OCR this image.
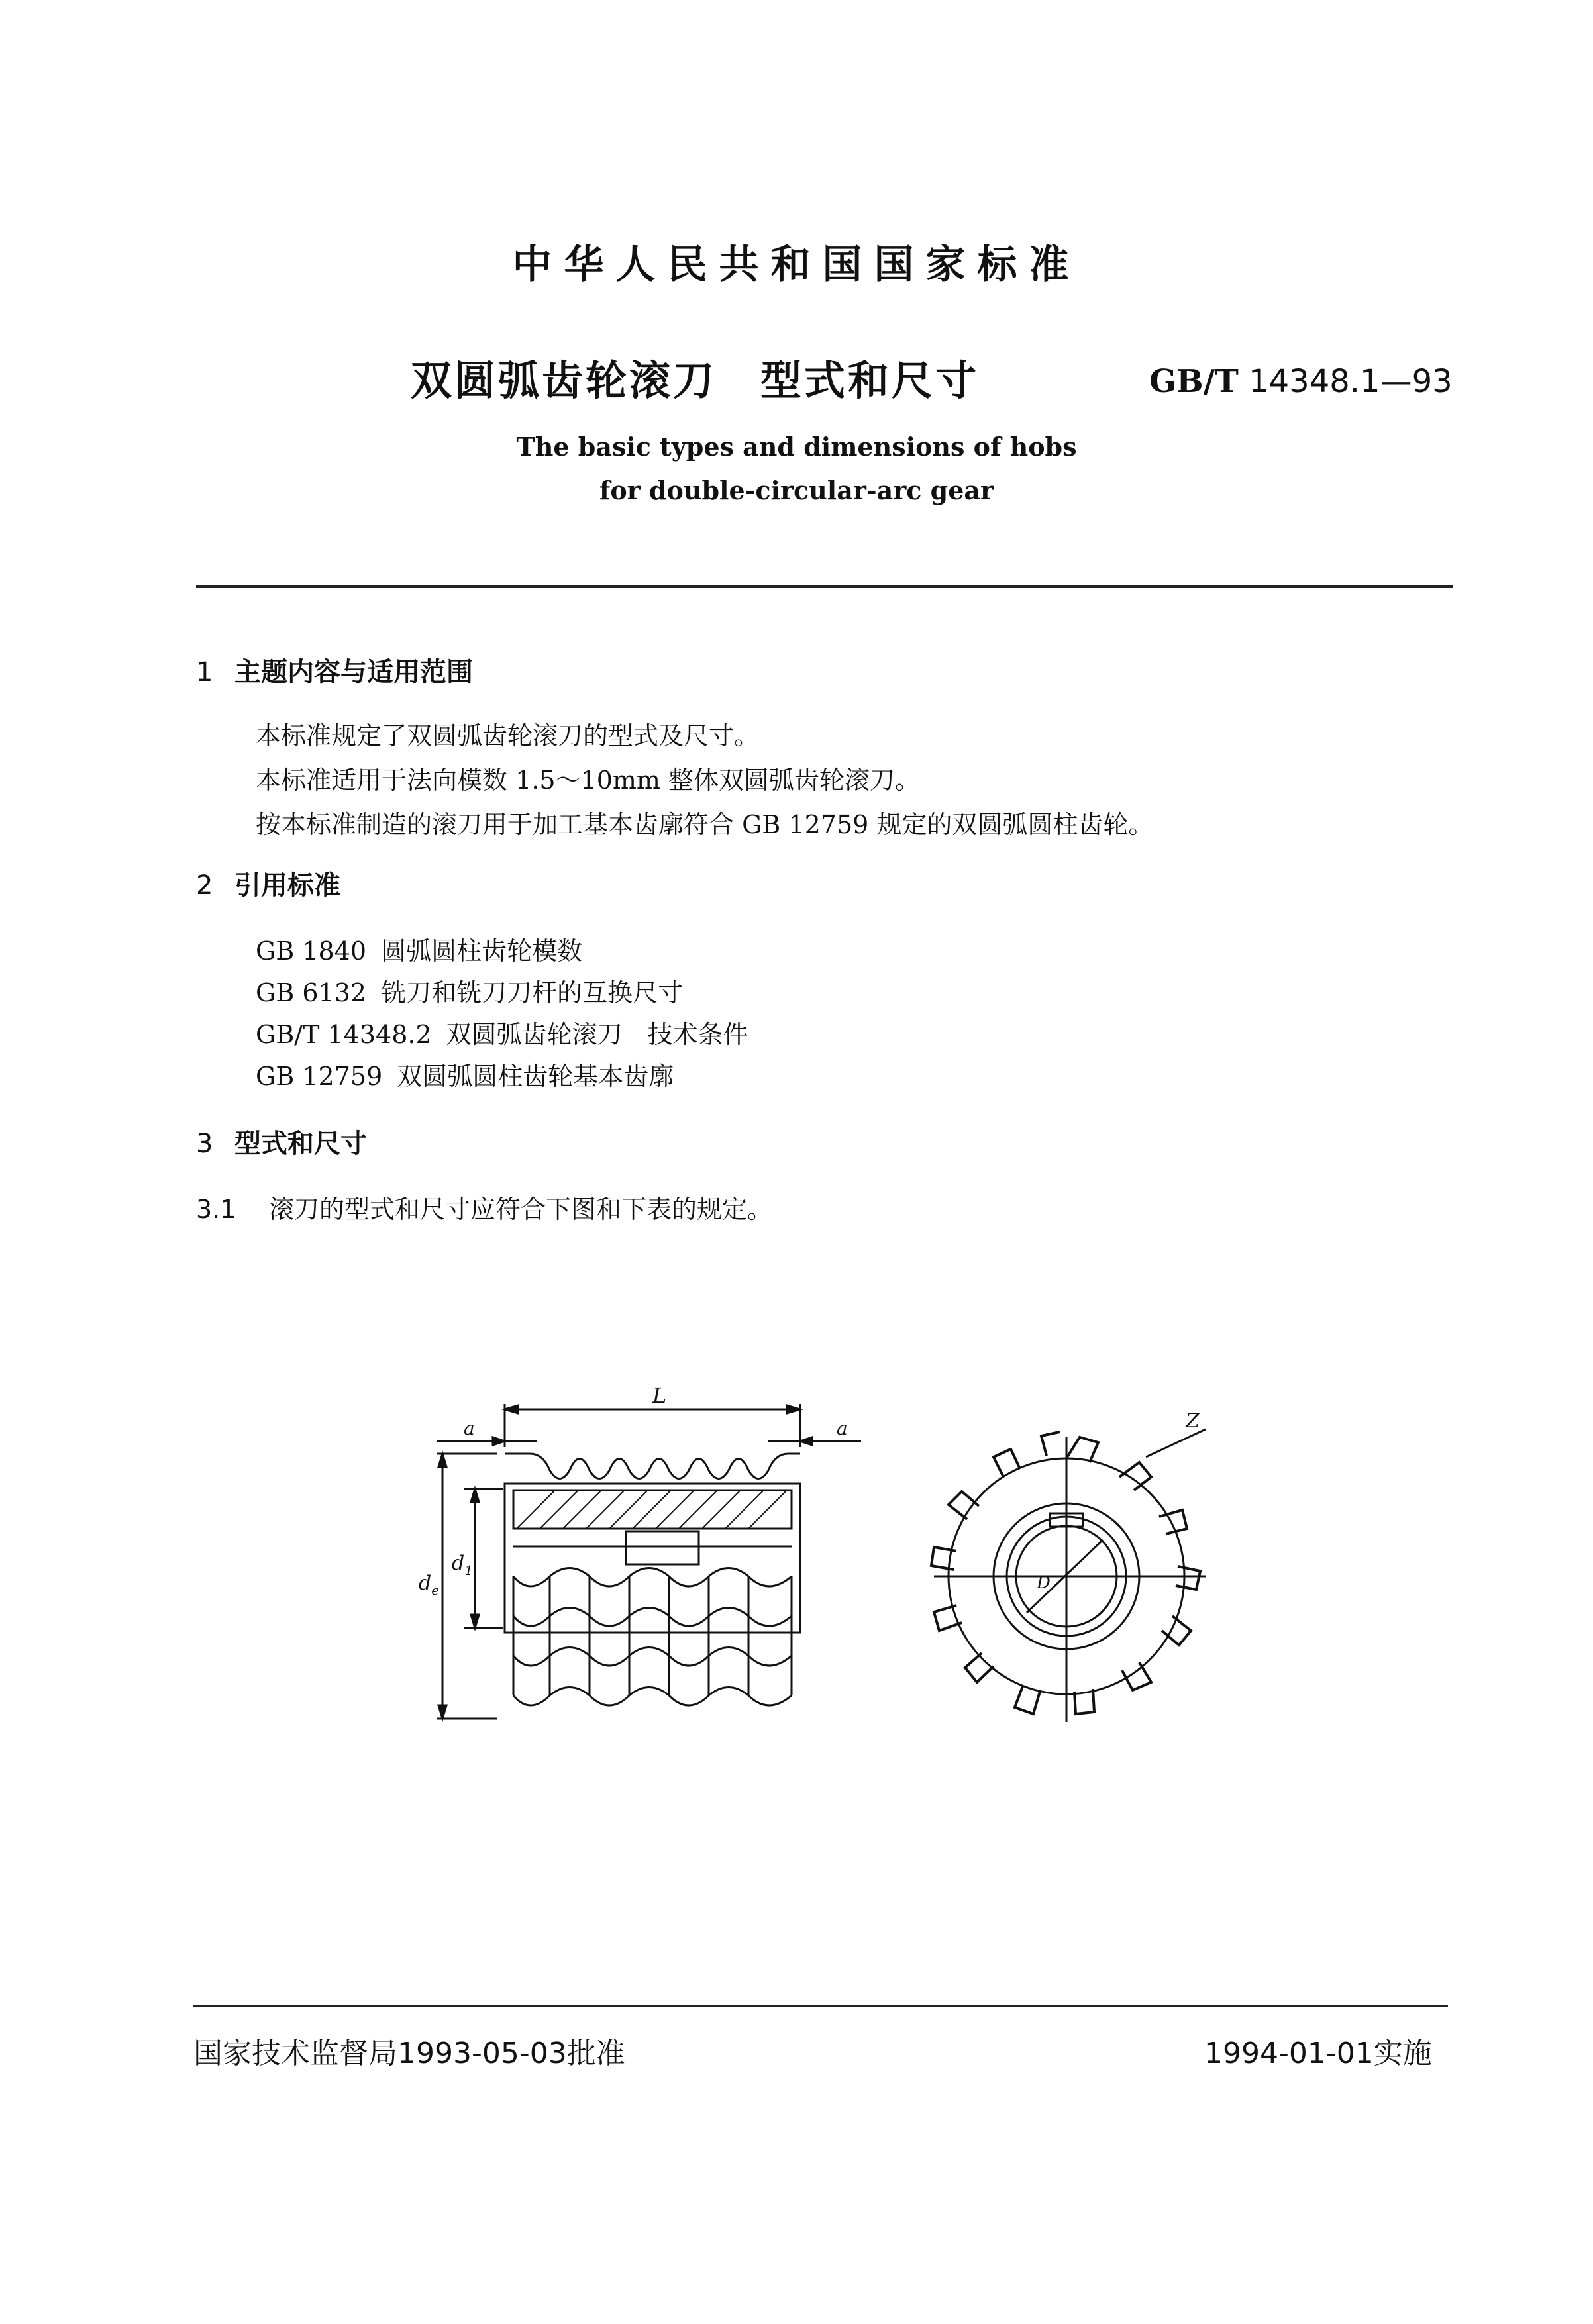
中华人民共和国国家标准
双圆弧齿轮滚刀　型式和尺寸	GB/T 14348.1—93
The basic types and dimensions of hobs
for double-circular-arc gear
1 主题内容与适用范围
本标准规定了双圆弧齿轮滚刀的型式及尺寸。
本标准适用于法向模数 1.5～10mm 整体双圆弧齿轮滚刀。
按本标准制造的滚刀用于加工基本齿廓符合 GB 12759 规定的双圆弧圆柱齿轮。
2 引用标准
GB 1840 圆弧圆柱齿轮模数
GB 6132 铣刀和铣刀刀杆的互换尺寸
GB/T 14348.2 双圆弧齿轮滚刀　技术条件
GB 12759 双圆弧圆柱齿轮基本齿廓
3 型式和尺寸
3.1 滚刀的型式和尺寸应符合下图和下表的规定。
L
a	a
$d_e$
$d_1$
D
Z
国家技术监督局1993-05-03批准	1994-01-01实施
